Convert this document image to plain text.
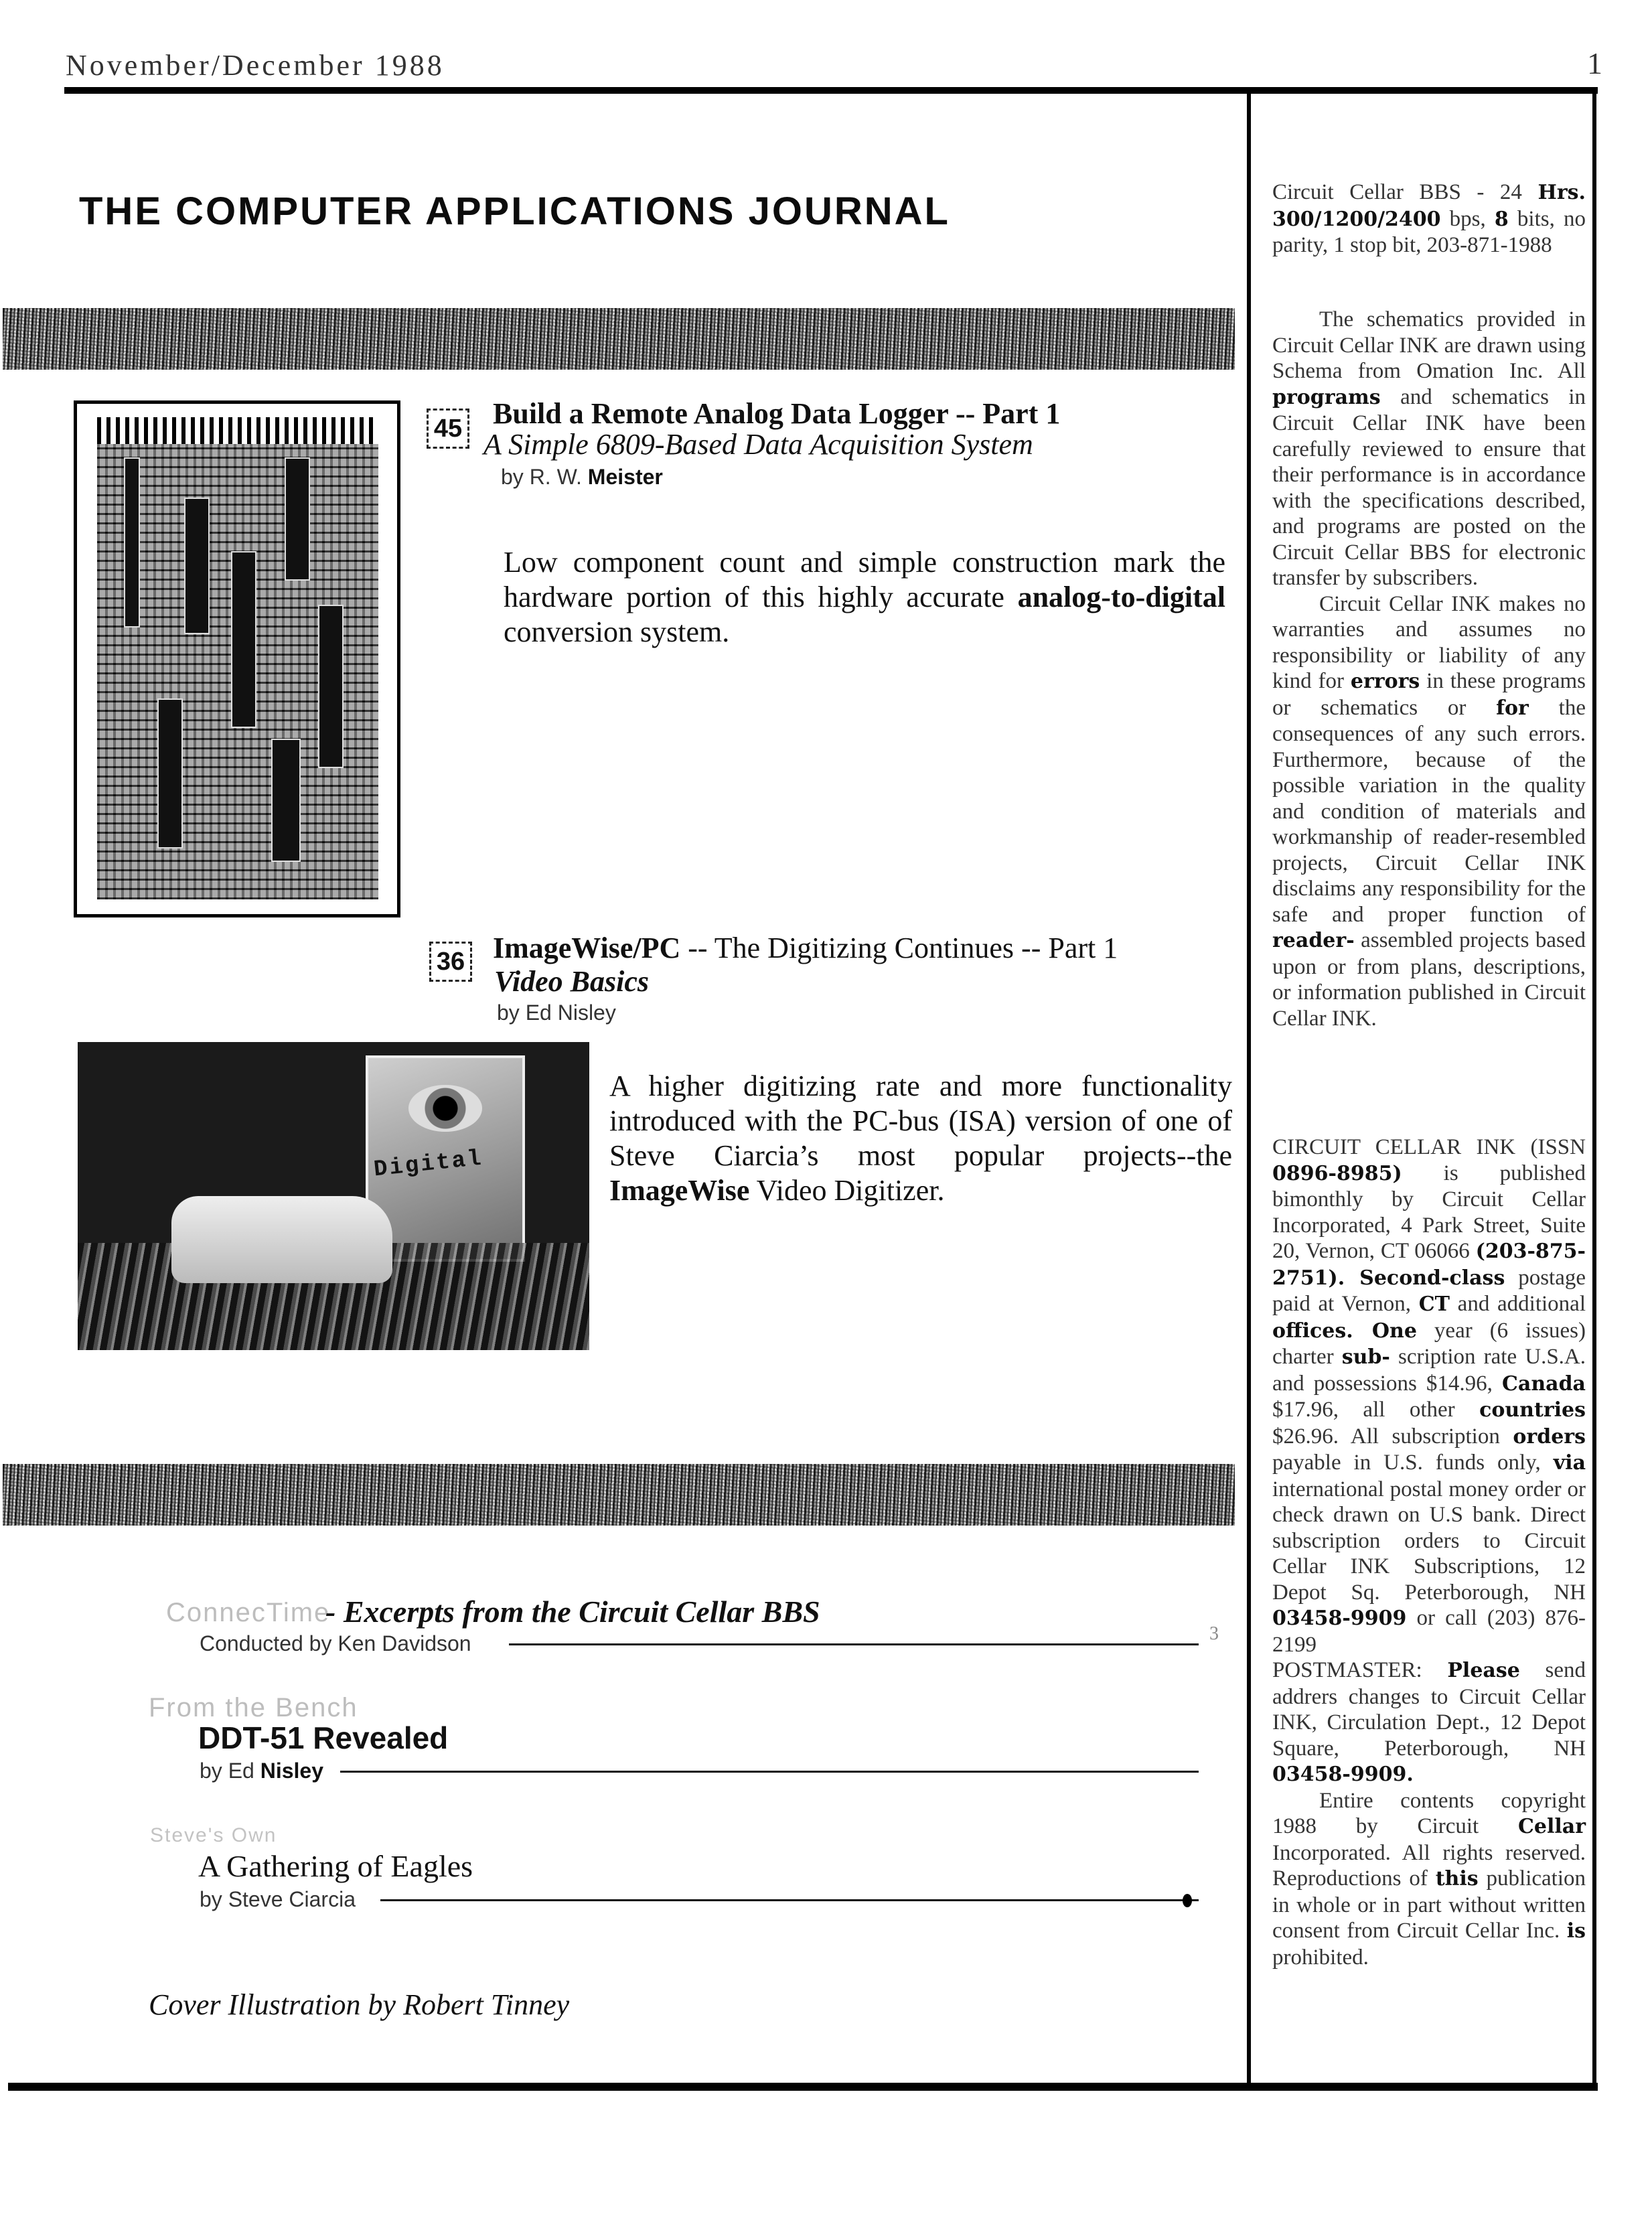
November/December 1988	1
THE COMPUTER APPLICATIONS JOURNAL
45 Build a Remote Analog Data Logger -- Part 1
A Simple 6809-Based Data Acquisition System
by R. W. Meister
Low component count and simple construction mark the hardware portion of this highly accurate analog-to-digital conversion system.
36 ImageWise/PC -- The Digitizing Continues -- Part 1
Video Basics
by Ed Nisley
Digital
A higher digitizing rate and more functionality introduced with the PC-bus (ISA) version of one of Steve Ciarcia’s most popular projects--the ImageWise Video Digitizer.
ConnecTime
- Excerpts from the Circuit Cellar BBS
Conducted by Ken Davidson	3
From the Bench
DDT-51 Revealed
by Ed Nisley
Steve's Own
A Gathering of Eagles
by Steve Ciarcia
Cover Illustration by Robert Tinney

Circuit Cellar BBS - 24 Hrs. 300/1200/2400 bps, 8 bits, no parity, 1 stop bit, 203-871-1988

The schematics provided in Circuit Cellar INK are drawn using Schema from Omation Inc. All programs and schematics in Circuit Cellar INK have been carefully reviewed to ensure that their performance is in accordance with the specifications described, and programs are posted on the Circuit Cellar BBS for electronic transfer by subscribers.

Circuit Cellar INK makes no warranties and assumes no responsibility or liability of any kind for errors in these programs or schematics or for the consequences of any such errors. Furthermore, because of the possible variation in the quality and condition of materials and workmanship of reader-resembled projects, Circuit Cellar INK disclaims any responsibility for the safe and proper function of reader- assembled projects based upon or from plans, descriptions, or information published in Circuit Cellar INK.

CIRCUIT CELLAR INK (ISSN 0896-8985) is published bimonthly by Circuit Cellar Incorporated, 4 Park Street, Suite 20, Vernon, CT 06066 (203-875-2751). Second-class postage paid at Vernon, CT and additional offices. One year (6 issues) charter sub- scription rate U.S.A. and possessions $14.96, Canada $17.96, all other countries $26.96. All subscription orders payable in U.S. funds only, via international postal money order or check drawn on U.S bank. Direct subscription orders to Circuit Cellar INK Subscriptions, 12 Depot Sq. Peterborough, NH 03458-9909 or call (203) 876-2199

POSTMASTER: Please send addrers changes to Circuit Cellar INK, Circulation Dept., 12 Depot Square, Peterborough, NH 03458-9909.

Entire contents copyright 1988 by Circuit Cellar Incorporated. All rights reserved. Reproductions of this publication in whole or in part without written consent from Circuit Cellar Inc. is prohibited.
